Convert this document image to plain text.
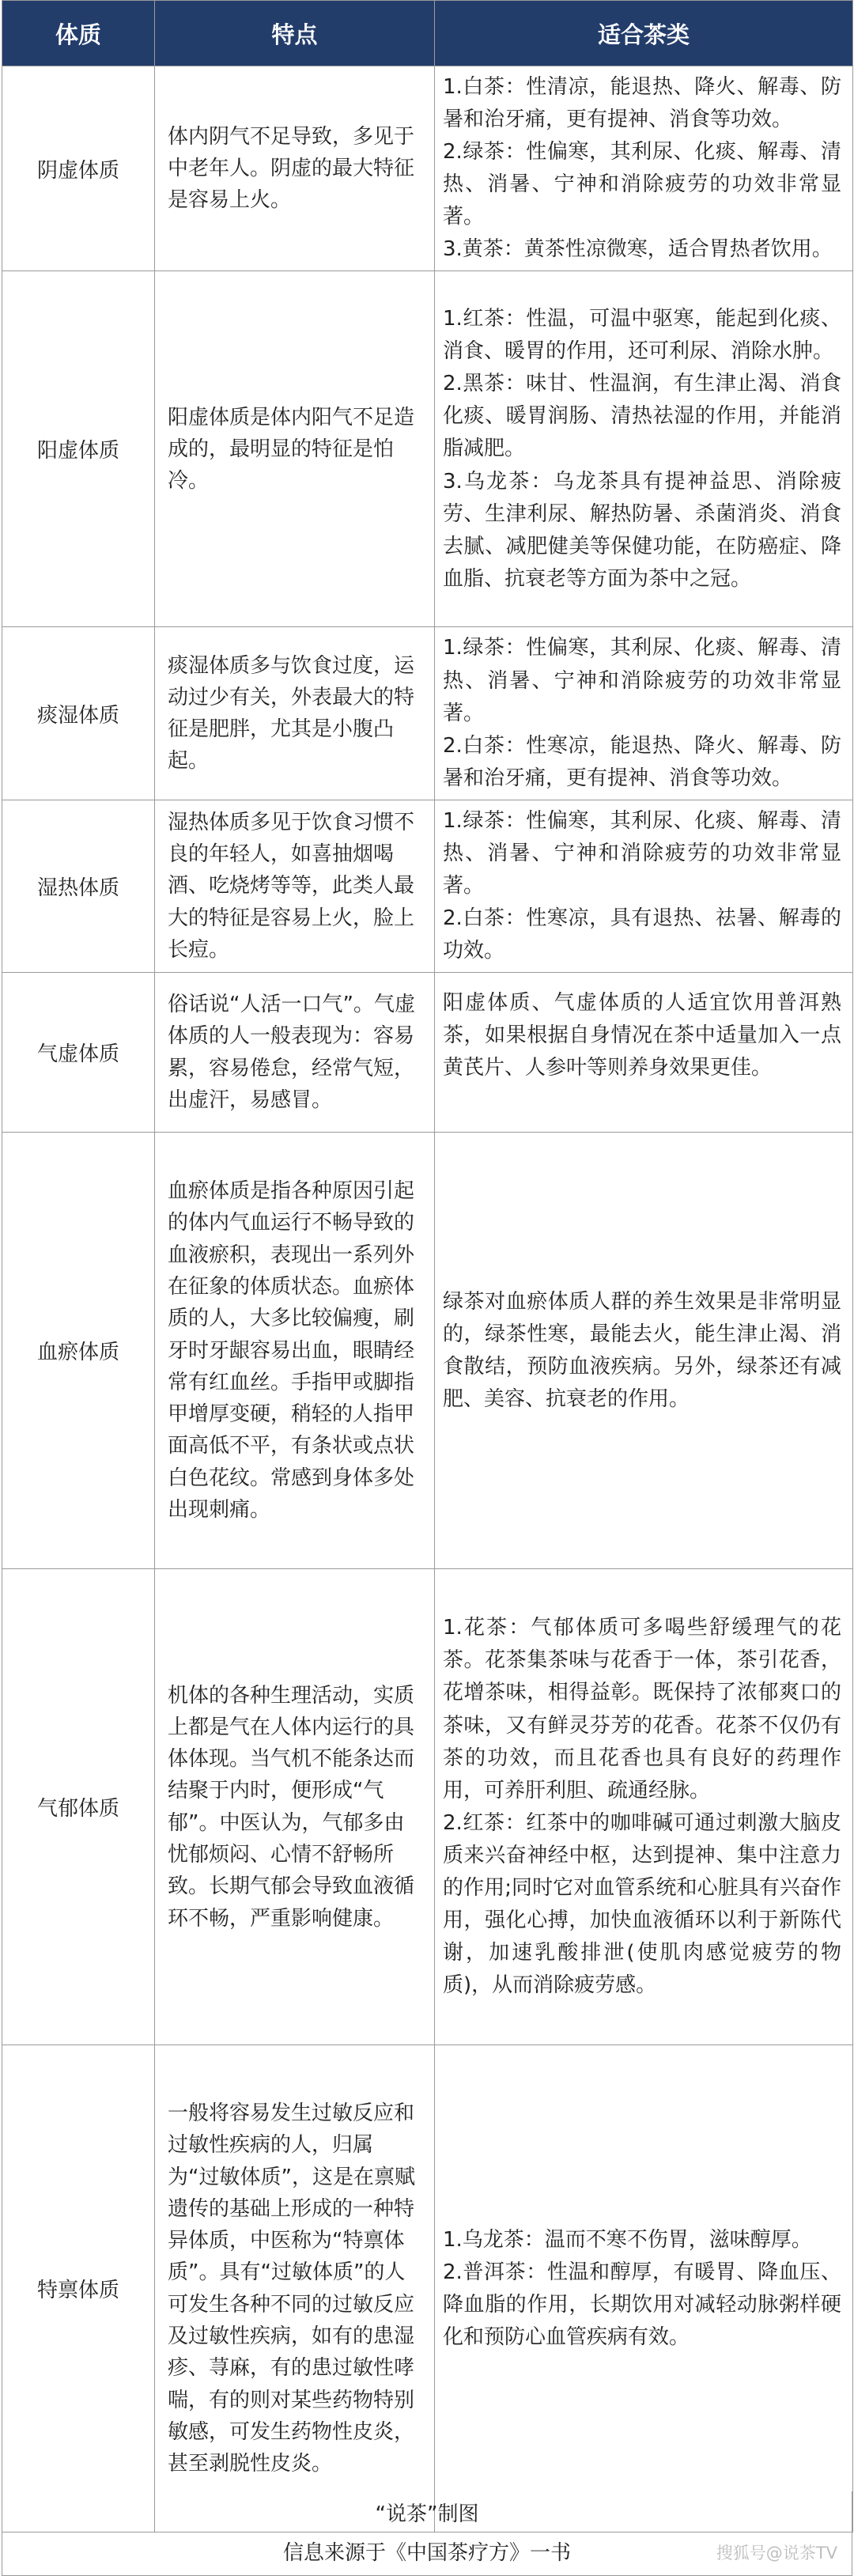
体质	特点	适合茶类
阴虚体质	体内阴气不足导致，多见于中老年人。阴虚的最大特征是容易上火。	1.白茶：性清凉，能退热、降火、解毒、防暑和治牙痛，更有提神、消食等功效。

2.绿茶：性偏寒，其利尿、化痰、解毒、清热、消暑、宁神和消除疲劳的功效非常显著。

3.黄茶：黄茶性凉微寒，适合胃热者饮用。

阳虚体质	阳虚体质是体内阳气不足造成的，最明显的特征是怕冷。	1.红茶：性温，可温中驱寒，能起到化痰、消食、暖胃的作用，还可利尿、消除水肿。

2.黑茶：味甘、性温润，有生津止渴、消食化痰、暖胃润肠、清热祛湿的作用，并能消脂减肥。

3.乌龙茶：乌龙茶具有提神益思、消除疲劳、生津利尿、解热防暑、杀菌消炎、消食去腻、减肥健美等保健功能，在防癌症、降血脂、抗衰老等方面为茶中之冠。

痰湿体质	痰湿体质多与饮食过度，运动过少有关，外表最大的特征是肥胖，尤其是小腹凸起。	1.绿茶：性偏寒，其利尿、化痰、解毒、清热、消暑、宁神和消除疲劳的功效非常显著。

2.白茶：性寒凉，能退热、降火、解毒、防暑和治牙痛，更有提神、消食等功效。

湿热体质	湿热体质多见于饮食习惯不良的年轻人，如喜抽烟喝酒、吃烧烤等等，此类人最大的特征是容易上火，脸上长痘。	1.绿茶：性偏寒，其利尿、化痰、解毒、清热、消暑、宁神和消除疲劳的功效非常显著。

2.白茶：性寒凉，具有退热、祛暑、解毒的功效。

气虚体质	俗话说“人活一口气”。气虚体质的人一般表现为：容易累，容易倦怠，经常气短，出虚汗，易感冒。	阳虚体质、气虚体质的人适宜饮用普洱熟茶，如果根据自身情况在茶中适量加入一点黄芪片、人参叶等则养身效果更佳。

血瘀体质	血瘀体质是指各种原因引起的体内气血运行不畅导致的血液瘀积，表现出一系列外在征象的体质状态。血瘀体质的人，大多比较偏瘦，刷牙时牙龈容易出血，眼睛经常有红血丝。手指甲或脚指甲增厚变硬，稍轻的人指甲面高低不平，有条状或点状白色花纹。常感到身体多处出现刺痛。	绿茶对血瘀体质人群的养生效果是非常明显的，绿茶性寒，最能去火，能生津止渴、消食散结，预防血液疾病。另外，绿茶还有减肥、美容、抗衰老的作用。

气郁体质	机体的各种生理活动，实质上都是气在人体内运行的具体体现。当气机不能条达而结聚于内时，便形成“气郁”。中医认为，气郁多由忧郁烦闷、心情不舒畅所致。长期气郁会导致血液循环不畅，严重影响健康。	1.花茶：气郁体质可多喝些舒缓理气的花茶。花茶集茶味与花香于一体，茶引花香，花增茶味，相得益彰。既保持了浓郁爽口的茶味，又有鲜灵芬芳的花香。花茶不仅仍有茶的功效，而且花香也具有良好的药理作用，可养肝利胆、疏通经脉。

2.红茶：红茶中的咖啡碱可通过刺激大脑皮质来兴奋神经中枢，达到提神、集中注意力的作用;同时它对血管系统和心脏具有兴奋作用，强化心搏，加快血液循环以利于新陈代谢，加速乳酸排泄(使肌肉感觉疲劳的物质)，从而消除疲劳感。

特禀体质	一般将容易发生过敏反应和过敏性疾病的人，归属为“过敏体质”，这是在禀赋遗传的基础上形成的一种特异体质，中医称为“特禀体质”。具有“过敏体质”的人可发生各种不同的过敏反应及过敏性疾病，如有的患湿疹、荨麻，有的患过敏性哮喘，有的则对某些药物特别敏感，可发生药物性皮炎，甚至剥脱性皮炎。	1.乌龙茶：温而不寒不伤胃，滋味醇厚。

2.普洱茶：性温和醇厚，有暖胃、降血压、降血脂的作用，长期饮用对减轻动脉粥样硬化和预防心血管疾病有效。

“说茶”制图
信息来源于《中国茶疗方》一书	搜狐号@说茶TV
